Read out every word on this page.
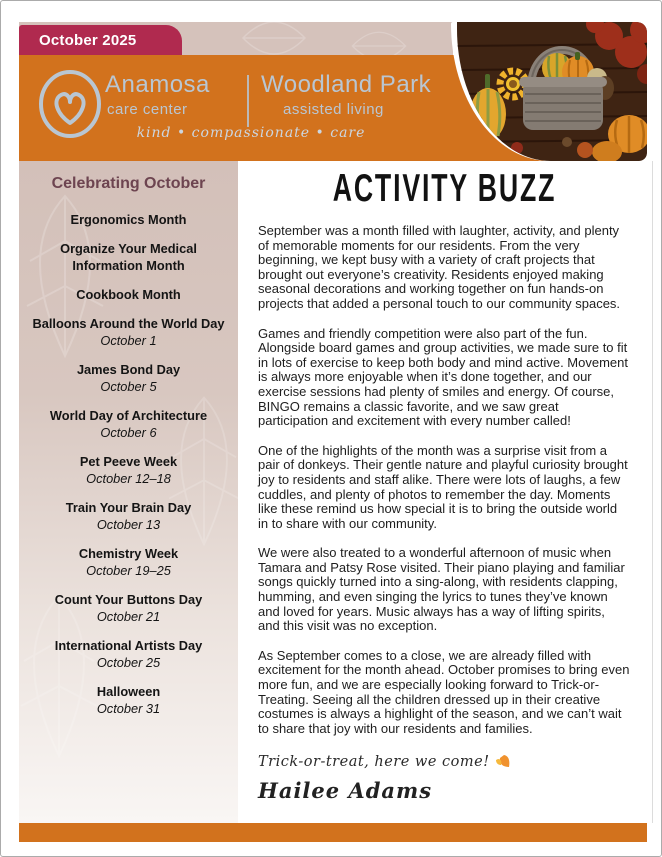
October 2025
Anamosa
care center
Woodland Park
assisted living
kind • compassionate • care
Celebrating October
Ergonomics Month
Organize Your Medical Information Month
Cookbook Month
Balloons Around the World Day
October 1
James Bond Day
October 5
World Day of Architecture
October 6
Pet Peeve Week
October 12–18
Train Your Brain Day
October 13
Chemistry Week
October 19–25
Count Your Buttons Day
October 21
International Artists Day
October 25
Halloween
October 31
ACTIVITY BUZZ

September was a month filled with laughter, activity, and plenty of memorable moments for our residents. From the very beginning, we kept busy with a variety of craft projects that brought out everyone’s creativity. Residents enjoyed making seasonal decorations and working together on fun hands-on projects that added a personal touch to our community spaces.

Games and friendly competition were also part of the fun. Alongside board games and group activities, we made sure to fit in lots of exercise to keep both body and mind active. Movement is always more enjoyable when it’s done together, and our exercise sessions had plenty of smiles and energy. Of course, BINGO remains a classic favorite, and we saw great participation and excitement with every number called!

One of the highlights of the month was a surprise visit from a pair of donkeys. Their gentle nature and playful curiosity brought joy to residents and staff alike. There were lots of laughs, a few cuddles, and plenty of photos to remember the day. Moments like these remind us how special it is to bring the outside world in to share with our community.

We were also treated to a wonderful afternoon of music when Tamara and Patsy Rose visited. Their piano playing and familiar songs quickly turned into a sing-along, with residents clapping, humming, and even singing the lyrics to tunes they’ve known and loved for years. Music always has a way of lifting spirits, and this visit was no exception.

As September comes to a close, we are already filled with excitement for the month ahead. October promises to bring even more fun, and we are especially looking forward to Trick-or-Treating. Seeing all the children dressed up in their creative costumes is always a highlight of the season, and we can’t wait to share that joy with our residents and families.

Trick-or-treat, here we come!
Hailee Adams
